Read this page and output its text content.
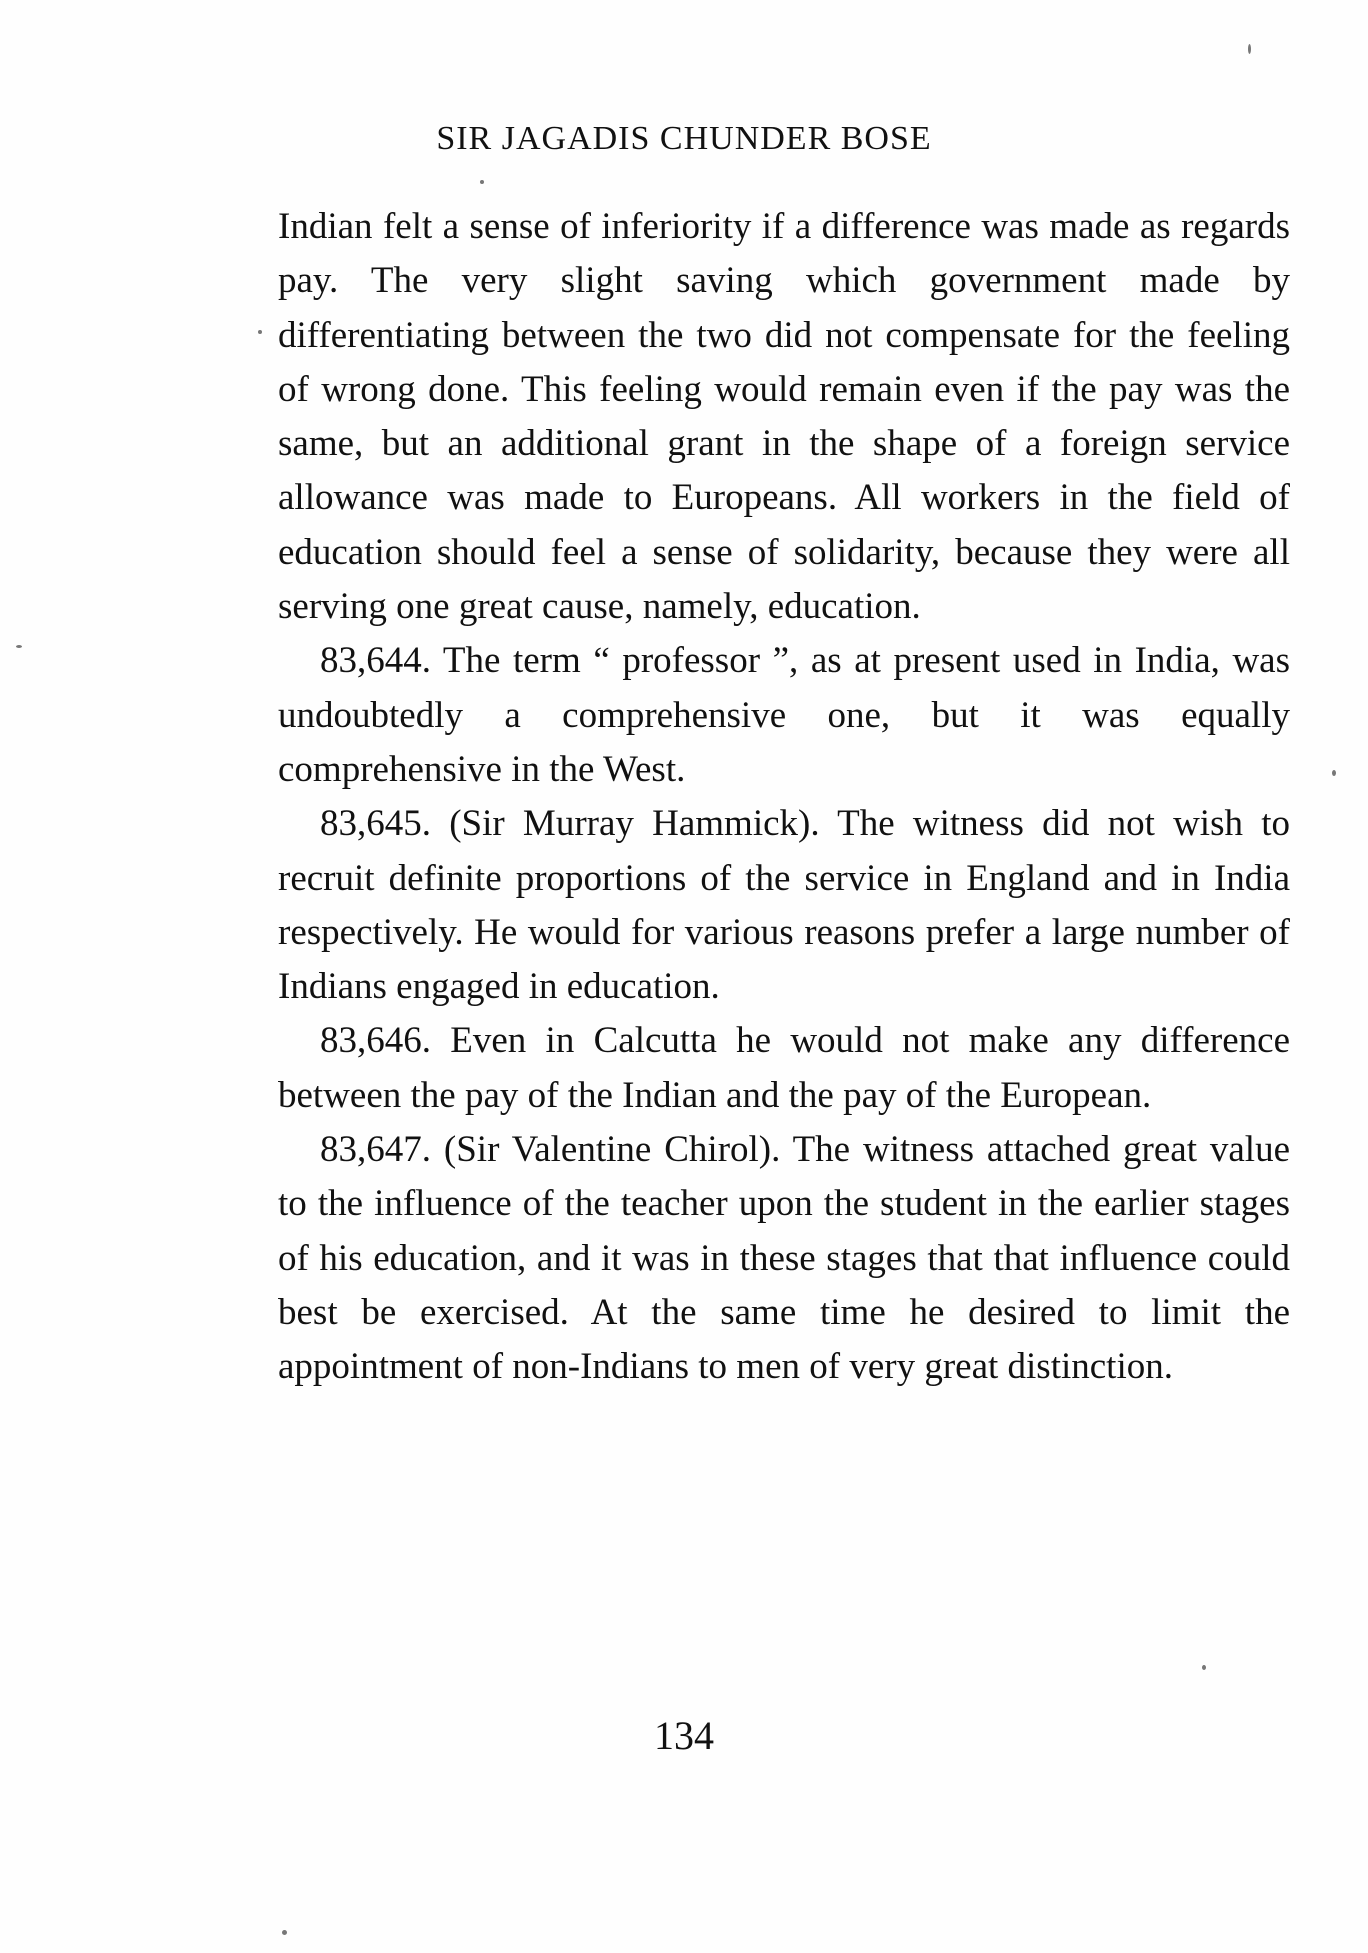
SIR JAGADIS CHUNDER BOSE

Indian felt a sense of inferiority if a difference was made as regards pay. The very slight saving which government made by differentiating between the two did not compensate for the feeling of wrong done. This feeling would remain even if the pay was the same, but an additional grant in the shape of a foreign service allowance was made to Europeans. All workers in the field of education should feel a sense of solidarity, because they were all serving one great cause, namely, education.

83,644. The term “ professor ”, as at present used in India, was undoubtedly a comprehensive one, but it was equally comprehensive in the West.

83,645. (Sir Murray Hammick). The witness did not wish to recruit definite proportions of the service in England and in India respectively. He would for various reasons prefer a large number of Indians engaged in education.

83,646. Even in Calcutta he would not make any difference between the pay of the Indian and the pay of the European.

83,647. (Sir Valentine Chirol). The witness attached great value to the influence of the teacher upon the student in the earlier stages of his education, and it was in these stages that that influence could best be exercised. At the same time he desired to limit the appointment of non-Indians to men of very great distinction.

134
